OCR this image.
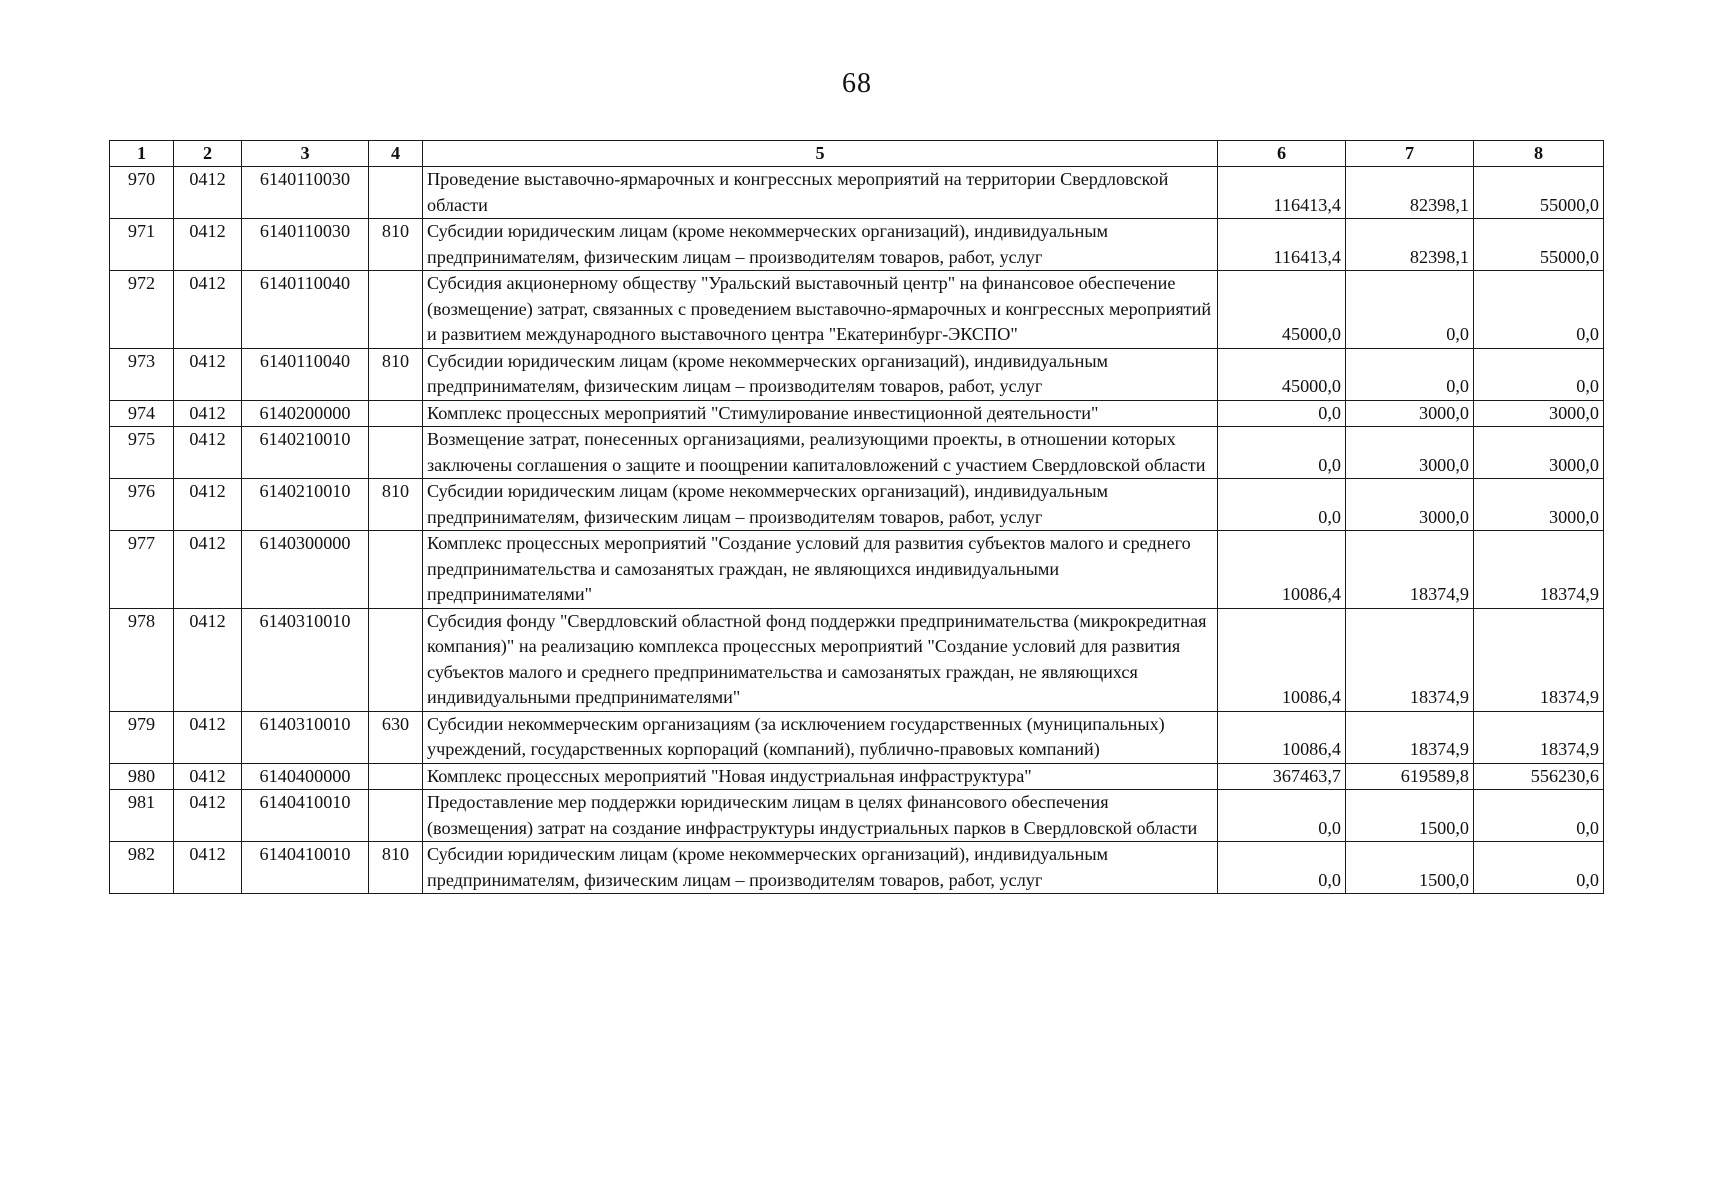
68
1	2	3	4	5	6	7	8
970	0412	6140110030		Проведение выставочно-ярмарочных и конгрессных мероприятий на территории Свердловской области	116413,4	82398,1	55000,0
971	0412	6140110030	810	Субсидии юридическим лицам (кроме некоммерческих организаций), индивидуальным предпринимателям, физическим лицам – производителям товаров, работ, услуг	116413,4	82398,1	55000,0
972	0412	6140110040		Субсидия акционерному обществу "Уральский выставочный центр" на финансовое обеспечение (возмещение) затрат, связанных с проведением выставочно-ярмарочных и конгрессных мероприятий и развитием международного выставочного центра "Екатеринбург-ЭКСПО"	45000,0	0,0	0,0
973	0412	6140110040	810	Субсидии юридическим лицам (кроме некоммерческих организаций), индивидуальным предпринимателям, физическим лицам – производителям товаров, работ, услуг	45000,0	0,0	0,0
974	0412	6140200000		Комплекс процессных мероприятий "Стимулирование инвестиционной деятельности"	0,0	3000,0	3000,0
975	0412	6140210010		Возмещение затрат, понесенных организациями, реализующими проекты, в отношении которых заключены соглашения о защите и поощрении капиталовложений с участием Свердловской области	0,0	3000,0	3000,0
976	0412	6140210010	810	Субсидии юридическим лицам (кроме некоммерческих организаций), индивидуальным предпринимателям, физическим лицам – производителям товаров, работ, услуг	0,0	3000,0	3000,0
977	0412	6140300000		Комплекс процессных мероприятий "Создание условий для развития субъектов малого и среднего предпринимательства и самозанятых граждан, не являющихся индивидуальными предпринимателями"	10086,4	18374,9	18374,9
978	0412	6140310010		Субсидия фонду "Свердловский областной фонд поддержки предпринимательства (микрокредитная компания)" на реализацию комплекса процессных мероприятий "Создание условий для развития субъектов малого и среднего предпринимательства и самозанятых граждан, не являющихся индивидуальными предпринимателями"	10086,4	18374,9	18374,9
979	0412	6140310010	630	Субсидии некоммерческим организациям (за исключением государственных (муниципальных) учреждений, государственных корпораций (компаний), публично-правовых компаний)	10086,4	18374,9	18374,9
980	0412	6140400000		Комплекс процессных мероприятий "Новая индустриальная инфраструктура"	367463,7	619589,8	556230,6
981	0412	6140410010		Предоставление мер поддержки юридическим лицам в целях финансового обеспечения (возмещения) затрат на создание инфраструктуры индустриальных парков в Свердловской области	0,0	1500,0	0,0
982	0412	6140410010	810	Субсидии юридическим лицам (кроме некоммерческих организаций), индивидуальным предпринимателям, физическим лицам – производителям товаров, работ, услуг	0,0	1500,0	0,0
